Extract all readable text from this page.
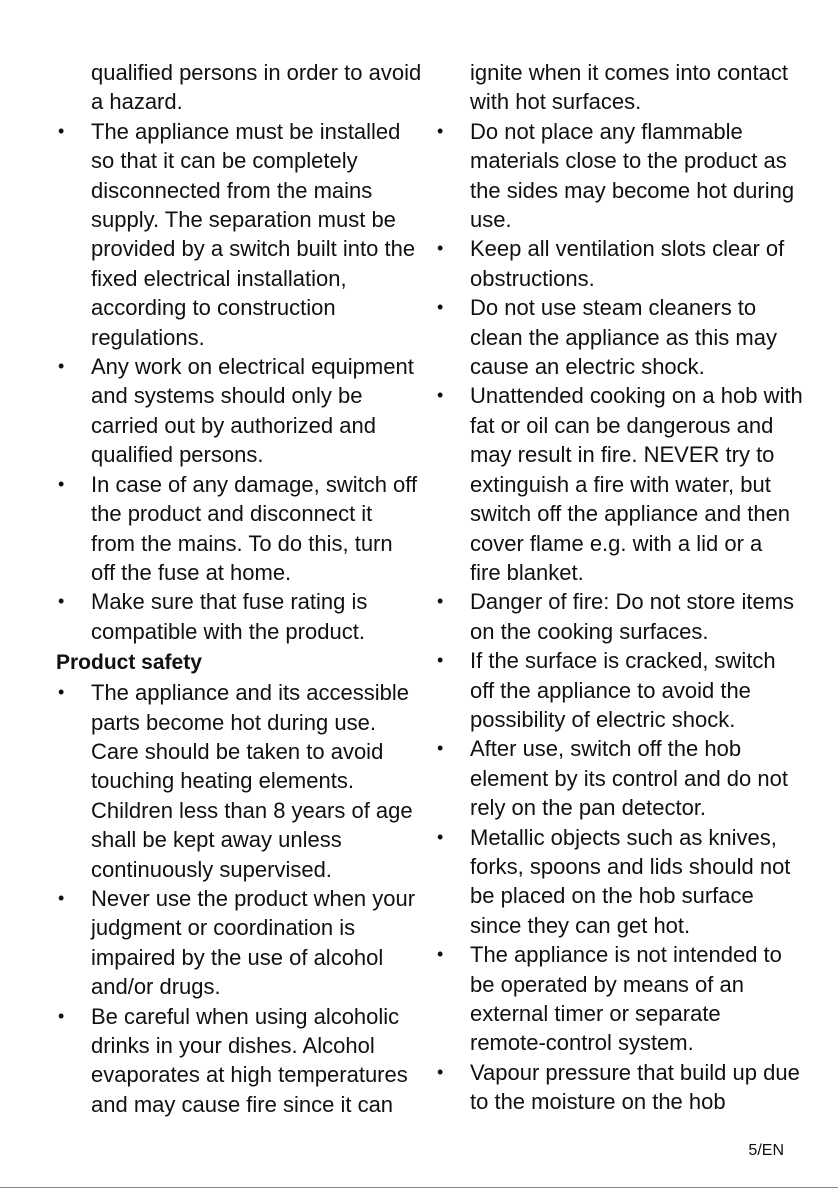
qualified persons in order to avoid
a hazard.

• The appliance must be installed
so that it can be completely
disconnected from the mains
supply. The separation must be
provided by a switch built into the
fixed electrical installation,
according to construction
regulations.
• Any work on electrical equipment
and systems should only be
carried out by authorized and
qualified persons.
• In case of any damage, switch off
the product and disconnect it
from the mains. To do this, turn
off the fuse at home.
• Make sure that fuse rating is
compatible with the product.
Product safety
• The appliance and its accessible
parts become hot during use.
Care should be taken to avoid
touching heating elements.
Children less than 8 years of age
shall be kept away unless
continuously supervised.
• Never use the product when your
judgment or coordination is
impaired by the use of alcohol
and/or drugs.
• Be careful when using alcoholic
drinks in your dishes. Alcohol
evaporates at high temperatures
and may cause fire since it can

ignite when it comes into contact
with hot surfaces.

• Do not place any flammable
materials close to the product as
the sides may become hot during
use.
• Keep all ventilation slots clear of
obstructions.
• Do not use steam cleaners to
clean the appliance as this may
cause an electric shock.
• Unattended cooking on a hob with
fat or oil can be dangerous and
may result in fire. NEVER try to
extinguish a fire with water, but
switch off the appliance and then
cover flame e.g. with a lid or a
fire blanket.
• Danger of fire: Do not store items
on the cooking surfaces.
• If the surface is cracked, switch
off the appliance to avoid the
possibility of electric shock.
• After use, switch off the hob
element by its control and do not
rely on the pan detector.
• Metallic objects such as knives,
forks, spoons and lids should not
be placed on the hob surface
since they can get hot.
• The appliance is not intended to
be operated by means of an
external timer or separate
remote-control system.
• Vapour pressure that build up due
to the moisture on the hob
5/EN
